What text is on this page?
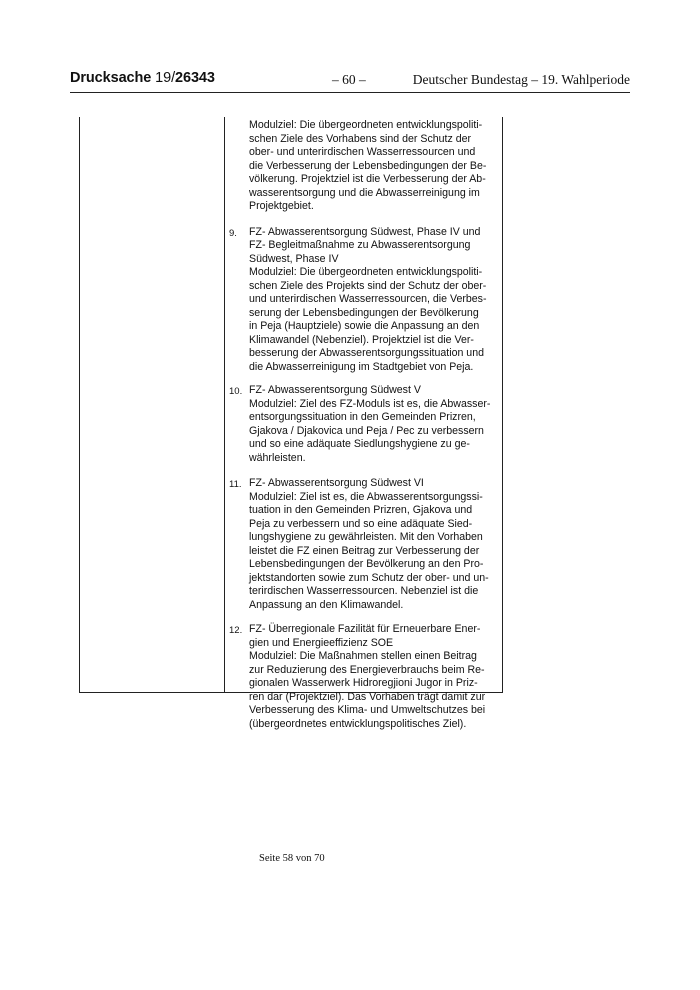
Drucksache 19/26343	– 60 –	Deutscher Bundestag – 19. Wahlperiode
Modulziel: Die übergeordneten entwicklungspoliti-
schen Ziele des Vorhabens sind der Schutz der
ober- und unterirdischen Wasserressourcen und
die Verbesserung der Lebensbedingungen der Be-
völkerung. Projektziel ist die Verbesserung der Ab-
wasserentsorgung und die Abwasserreinigung im
Projektgebiet.
9. FZ- Abwasserentsorgung Südwest, Phase IV und
FZ- Begleitmaßnahme zu Abwasserentsorgung
Südwest, Phase IV
Modulziel: Die übergeordneten entwicklungspoliti-
schen Ziele des Projekts sind der Schutz der ober-
und unterirdischen Wasserressourcen, die Verbes-
serung der Lebensbedingungen der Bevölkerung
in Peja (Hauptziele) sowie die Anpassung an den
Klimawandel (Nebenziel). Projektziel ist die Ver-
besserung der Abwasserentsorgungssituation und
die Abwasserreinigung im Stadtgebiet von Peja.
10. FZ- Abwasserentsorgung Südwest V
Modulziel: Ziel des FZ-Moduls ist es, die Abwasser-
entsorgungssituation in den Gemeinden Prizren,
Gjakova / Djakovica und Peja / Pec zu verbessern
und so eine adäquate Siedlungshygiene zu ge-
währleisten.
11. FZ- Abwasserentsorgung Südwest VI
Modulziel: Ziel ist es, die Abwasserentsorgungssi-
tuation in den Gemeinden Prizren, Gjakova und
Peja zu verbessern und so eine adäquate Sied-
lungshygiene zu gewährleisten. Mit den Vorhaben
leistet die FZ einen Beitrag zur Verbesserung der
Lebensbedingungen der Bevölkerung an den Pro-
jektstandorten sowie zum Schutz der ober- und un-
terirdischen Wasserressourcen. Nebenziel ist die
Anpassung an den Klimawandel.
12. FZ- Überregionale Fazilität für Erneuerbare Ener-
gien und Energieeffizienz SOE
Modulziel: Die Maßnahmen stellen einen Beitrag
zur Reduzierung des Energieverbrauchs beim Re-
gionalen Wasserwerk Hidroregjioni Jugor in Priz-
ren dar (Projektziel). Das Vorhaben trägt damit zur
Verbesserung des Klima- und Umweltschutzes bei
(übergeordnetes entwicklungspolitisches Ziel).
Seite 58 von 70
